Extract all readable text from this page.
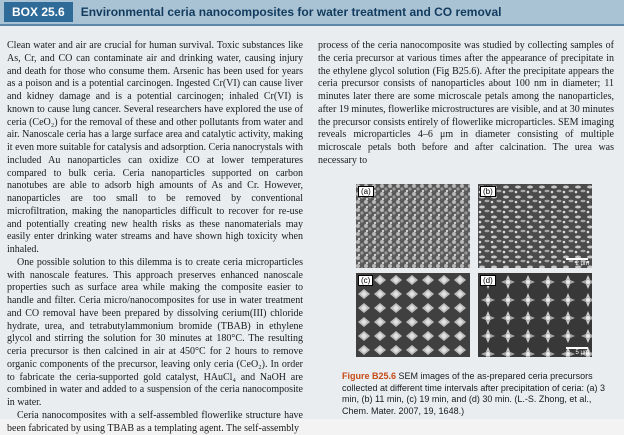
BOX 25.6	Environmental ceria nanocomposites for water treatment and CO removal

Clean water and air are crucial for human survival. Toxic substances like As, Cr, and CO can contaminate air and drinking water, causing injury and death for those who consume them. Arsenic has been used for years as a poison and is a potential carcinogen. Ingested Cr(VI) can cause liver and kidney damage and is a potential carcinogen; inhaled Cr(VI) is known to cause lung cancer. Several researchers have explored the use of ceria (CeO₂) for the removal of these and other pollutants from water and air. Nanoscale ceria has a large surface area and catalytic activity, making it even more suitable for catalysis and adsorption. Ceria nanocrystals with included Au nanoparticles can oxidize CO at lower temperatures compared to bulk ceria. Ceria nanoparticles supported on carbon nanotubes are able to adsorb high amounts of As and Cr. However, nanoparticles are too small to be removed by conventional microfiltration, making the nanoparticles difficult to recover for re-use and potentially creating new health risks as these nanomaterials may easily enter drinking water streams and have shown high toxicity when inhaled.

One possible solution to this dilemma is to create ceria microparticles with nanoscale features. This approach preserves enhanced nanoscale properties such as surface area while making the composite easier to handle and filter. Ceria micro/nanocomposites for use in water treatment and CO removal have been prepared by dissolving cerium(III) chloride hydrate, urea, and tetrabutylammonium bromide (TBAB) in ethylene glycol and stirring the solution for 30 minutes at 180°C. The resulting ceria precursor is then calcined in air at 450°C for 2 hours to remove organic components of the precursor, leaving only ceria (CeO₂). In order to fabricate the ceria-supported gold catalyst, HAuCl₄ and NaOH are combined in water and added to a suspension of the ceria nanocomposite in water.

Ceria nanocomposites with a self-assembled flowerlike structure have been fabricated by using TBAB as a templating agent. The self-assembly

process of the ceria nanocomposite was studied by collecting samples of the ceria precursor at various times after the appearance of precipitate in the ethylene glycol solution (Fig B25.6). After the precipitate appears the ceria precursor consists of nanoparticles about 100 nm in diameter; 11 minutes later there are some microscale petals among the nanoparticles, after 19 minutes, flowerlike microstructures are visible, and at 30 minutes the precursor consists entirely of flowerlike microparticles. SEM imaging reveals microparticles 4–6 μm in diameter consisting of multiple microscale petals both before and after calcination. The urea was necessary to

(a)	(b)
2 μm
(c)	(d)
5 μm
Figure B25.6 SEM images of the as-prepared ceria precursors collected at different time intervals after precipitation of ceria: (a) 3 min, (b) 11 min, (c) 19 min, and (d) 30 min. (L.-S. Zhong, et al., Chem. Mater. 2007, 19, 1648.)
